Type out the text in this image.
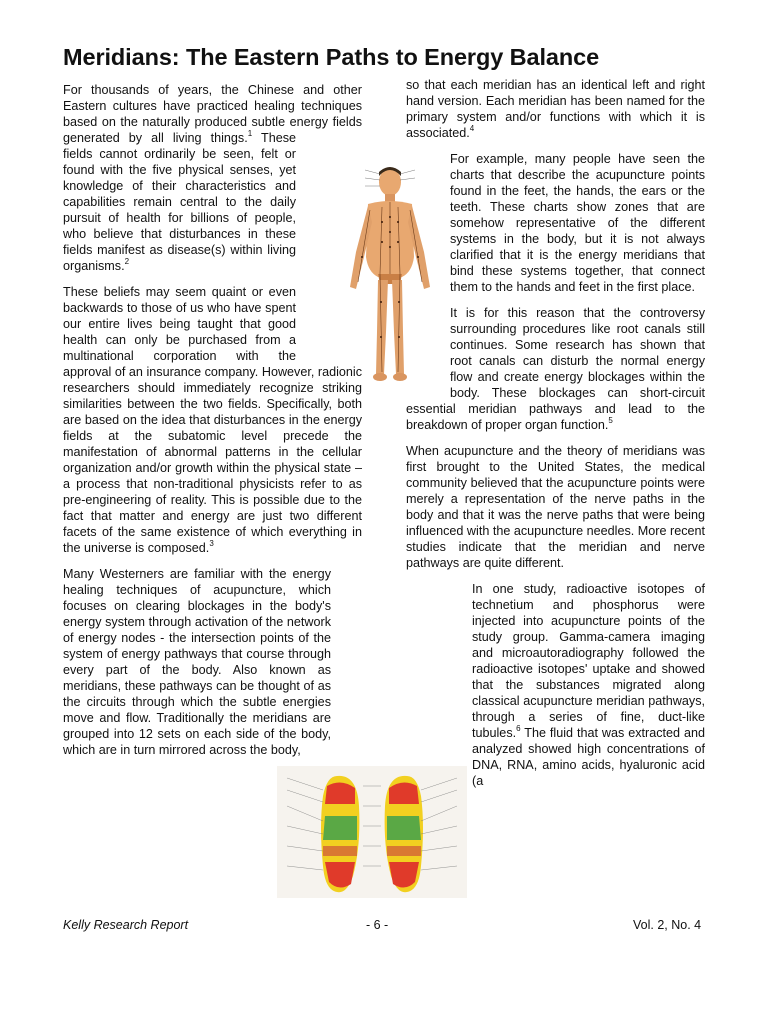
Meridians: The Eastern Paths to Energy Balance

For thousands of years, the Chinese and other Eastern cultures have practiced healing techniques based on the naturally produced subtle energy fields generated by all living things.$^1$
These fields cannot ordinarily be seen, felt or found with the five physical senses, yet knowledge of their characteristics and capabilities remain central to the daily pursuit of health for billions of people, who believe that disturbances in these fields manifest as disease(s) within living organisms.$^2$

These beliefs may seem quaint or even backwards to those of us who have spent our entire lives being taught that good health can only be purchased from a multinational corporation with the approval of an insurance company. However, radionic researchers should immediately recognize striking similarities between the two fields. Specifically, both are based on the idea that disturbances in the energy fields at the subatomic level precede the manifestation of abnormal patterns in the cellular organization and/or growth within the physical state – a process that non-traditional physicists refer to as pre-engineering of reality. This is possible due to the fact that matter and energy are just two different facets of the same existence of which everything in the universe is composed.$^3$

Many Westerners are familiar with the energy healing techniques of acupuncture, which focuses on clearing blockages in the body's energy system through activation of the network of energy nodes - the intersection points of the system of energy pathways that course through every part of the body. Also known as meridians, these pathways can be thought of as the circuits through which the subtle energies move and flow. Traditionally the meridians are grouped into 12 sets on each side of the body, which are in turn mirrored across the body,

so that each meridian has an identical left and right hand version. Each meridian has been named for the primary system and/or functions with which it is associated.$^4$

For example, many people have seen the charts that describe the acupuncture points found in the feet, the hands, the ears or the teeth. These charts show zones that are somehow representative of the different systems in the body, but it is not always clarified that it is the energy meridians that bind these systems together, that connect them to the hands and feet in the first place.

It is for this reason that the controversy surrounding procedures like root canals still continues. Some research has shown that root canals can disturb the normal energy flow and create energy blockages within the body. These blockages can short-circuit essential meridian pathways and lead to the breakdown of proper organ function.$^5$

When acupuncture and the theory of meridians was first brought to the United States, the medical community believed that the acupuncture points were merely a representation of the nerve paths in the body and that it was the nerve paths that were being influenced with the acupuncture needles. More recent studies indicate that the meridian and nerve pathways are quite different.

In one study, radioactive isotopes of technetium and phosphorus were injected into acupuncture points of the study group. Gamma-camera imaging and microautoradiography followed the radioactive isotopes' uptake and showed that the substances migrated along classical acupuncture meridian pathways, through a series of fine, duct-like tubules.$^6$ The fluid that was extracted and analyzed showed high concentrations of DNA, RNA, amino acids, hyaluronic acid (a

Kelly Research Report	- 6 -	Vol. 2, No. 4
